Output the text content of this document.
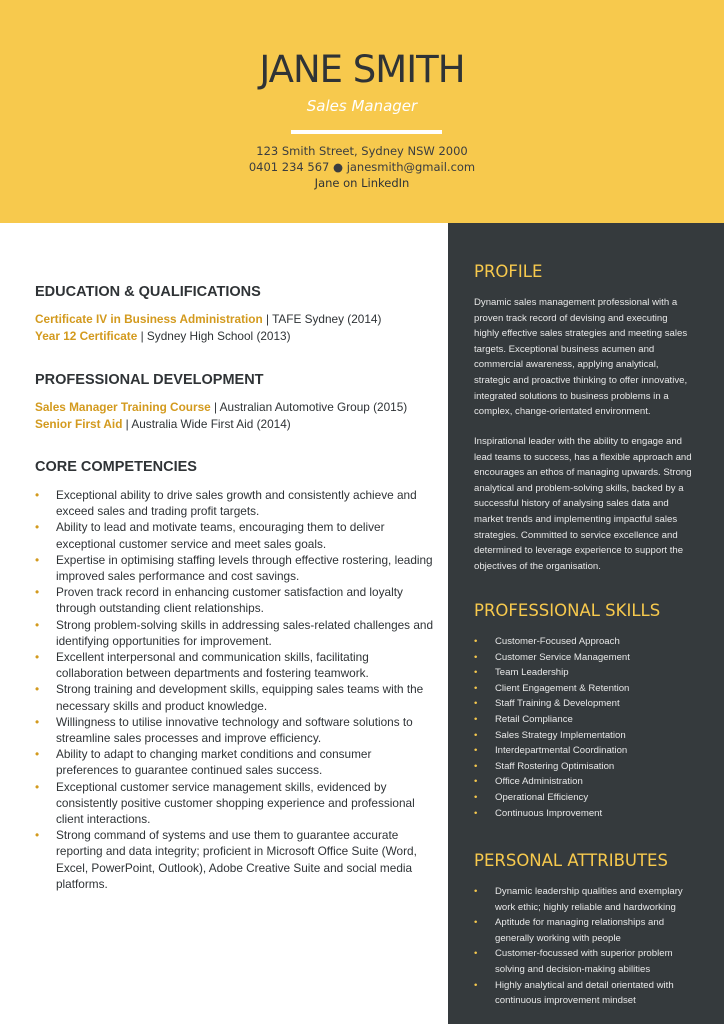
JANE SMITH
Sales Manager
123 Smith Street, Sydney NSW 2000
0401 234 567 ● janesmith@gmail.com
Jane on LinkedIn
EDUCATION & QUALIFICATIONS
Certificate IV in Business Administration | TAFE Sydney (2014)
Year 12 Certificate | Sydney High School (2013)
PROFESSIONAL DEVELOPMENT
Sales Manager Training Course | Australian Automotive Group (2015)
Senior First Aid | Australia Wide First Aid (2014)
CORE COMPETENCIES
• Exceptional ability to drive sales growth and consistently achieve and exceed sales and trading profit targets.
• Ability to lead and motivate teams, encouraging them to deliver exceptional customer service and meet sales goals.
• Expertise in optimising staffing levels through effective rostering, leading improved sales performance and cost savings.
• Proven track record in enhancing customer satisfaction and loyalty through outstanding client relationships.
• Strong problem-solving skills in addressing sales-related challenges and identifying opportunities for improvement.
• Excellent interpersonal and communication skills, facilitating collaboration between departments and fostering teamwork.
• Strong training and development skills, equipping sales teams with the necessary skills and product knowledge.
• Willingness to utilise innovative technology and software solutions to streamline sales processes and improve efficiency.
• Ability to adapt to changing market conditions and consumer preferences to guarantee continued sales success.
• Exceptional customer service management skills, evidenced by consistently positive customer shopping experience and professional client interactions.
• Strong command of systems and use them to guarantee accurate reporting and data integrity; proficient in Microsoft Office Suite (Word, Excel, PowerPoint, Outlook), Adobe Creative Suite and social media platforms.
PROFILE
Dynamic sales management professional with a proven track record of devising and executing highly effective sales strategies and meeting sales targets. Exceptional business acumen and commercial awareness, applying analytical, strategic and proactive thinking to offer innovative, integrated solutions to business problems in a complex, change-orientated environment.
Inspirational leader with the ability to engage and lead teams to success, has a flexible approach and encourages an ethos of managing upwards. Strong analytical and problem-solving skills, backed by a successful history of analysing sales data and market trends and implementing impactful sales strategies. Committed to service excellence and determined to leverage experience to support the objectives of the organisation.
PROFESSIONAL SKILLS
• Customer-Focused Approach
• Customer Service Management
• Team Leadership
• Client Engagement & Retention
• Staff Training & Development
• Retail Compliance
• Sales Strategy Implementation
• Interdepartmental Coordination
• Staff Rostering Optimisation
• Office Administration
• Operational Efficiency
• Continuous Improvement
PERSONAL ATTRIBUTES
• Dynamic leadership qualities and exemplary work ethic; highly reliable and hardworking
• Aptitude for managing relationships and generally working with people
• Customer-focussed with superior problem solving and decision-making abilities
• Highly analytical and detail orientated with continuous improvement mindset
